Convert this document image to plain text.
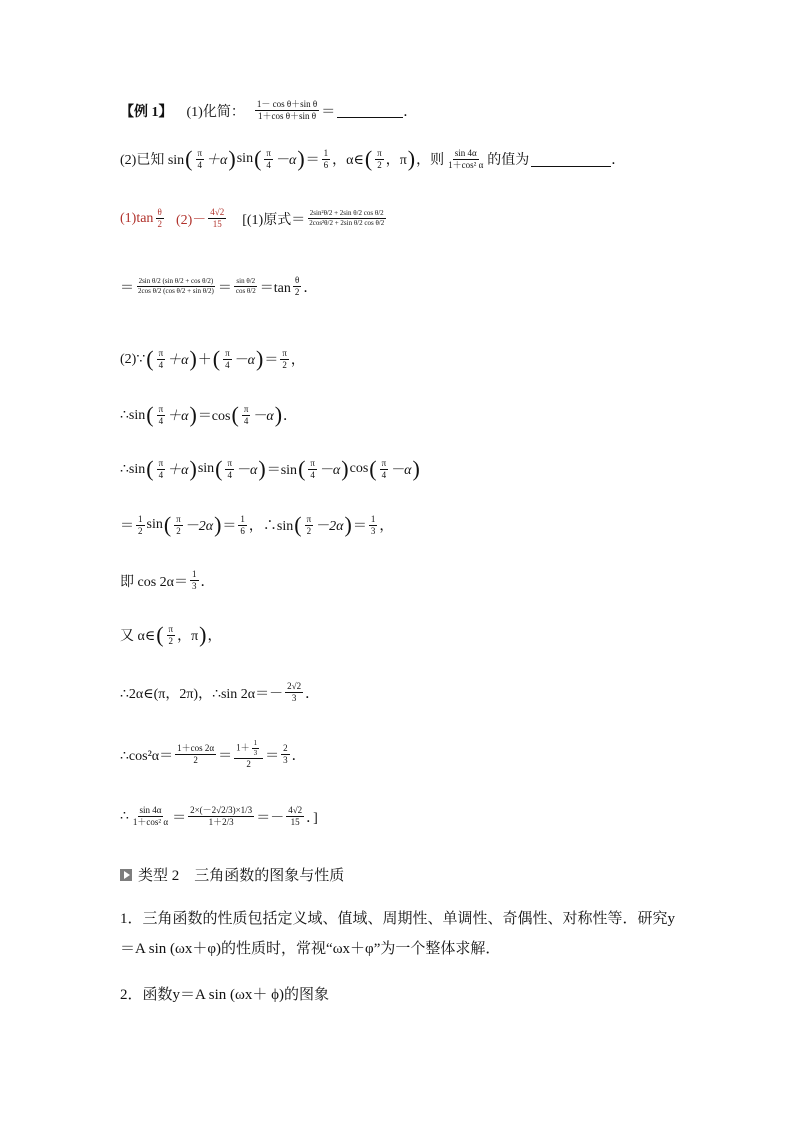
【例 1】 (1)化简： $\frac{\text{1－ cos θ＋sin θ}}{\text{1＋cos θ＋sin θ}}$ ＝	．
(2)已知 sin ( $\frac{\pi}{4} +\alpha$ ) sin ( $\frac{\pi}{4} -\alpha$ ) ＝ $\frac{1}{6}$ ，α∈ ( $\frac{\pi}{2}$ ，π ) ，则 $\frac{\sin 4\alpha}{\text{1＋cos² α}}$ 的值为	．
$(1)\tan \frac{\theta}{2} (2)- \frac{4√2}{15} [(1)$原式＝ $\frac{\text{2sin²θ/2 + 2sin θ/2 cos θ/2}}{\text{2cos²θ/2 + 2sin θ/2 cos θ/2}}$
＝ $\frac{\text{2sin θ/2 (sin θ/2 + cos θ/2)}}{\text{2cos θ/2 (cos θ/2 + sin θ/2)}} = \frac{\text{sin θ/2}}{\text{cos θ/2}} =\tan \frac{\theta}{2}$ ．
(2)∵ ( $\frac{\pi}{4} +\alpha$ ) ＋ ( $\frac{\pi}{4} -\alpha$ ) ＝ $\frac{\pi}{2}$ ，
∴sin ( $\frac{\pi}{4} +\alpha$ ) ＝cos ( $\frac{\pi}{4} -\alpha$ ) ．
∴sin ( $\frac{\pi}{4} +\alpha$ ) sin ( $\frac{\pi}{4} -\alpha$ ) ＝sin ( $\frac{\pi}{4} -\alpha$ ) cos ( $\frac{\pi}{4} -\alpha$ )
＝ $\frac{1}{2}$ sin ( $\frac{\pi}{2} -2\alpha$ ) ＝ $\frac{1}{6}$ ，∴sin ( $\frac{\pi}{2} -2\alpha$ ) ＝ $\frac{1}{3}$ ，
即 $\cos 2\alpha= \frac{1}{3}$ ．
又 α∈ ( $\frac{\pi}{2}$ ，π ) ，
∴2α∈(π，2π)，∴sin $2\alpha=- \frac{2√2}{3}$ ．
∴cos²α＝ $\frac{1+\cos 2\alpha}{2} = \frac{1+ \frac{1}{3}}{2} = \frac{2}{3}$ ．
∴ $\frac{\sin 4\alpha}{\text{1＋cos² α}} = \frac{2\times(-2√2/3)\times 1/3}{1+2/3}$ ＝ － $\frac{4√2}{15}$ ．]
类型 2　三角函数的图象与性质
1．三角函数的性质包括定义域、值域、周期性、单调性、奇偶性、对称性等．研究y＝A sin (ωx＋φ)的性质时，常视“ωx＋φ”为一个整体求解．
2．函数y＝A sin (ωx＋ ϕ)的图象
